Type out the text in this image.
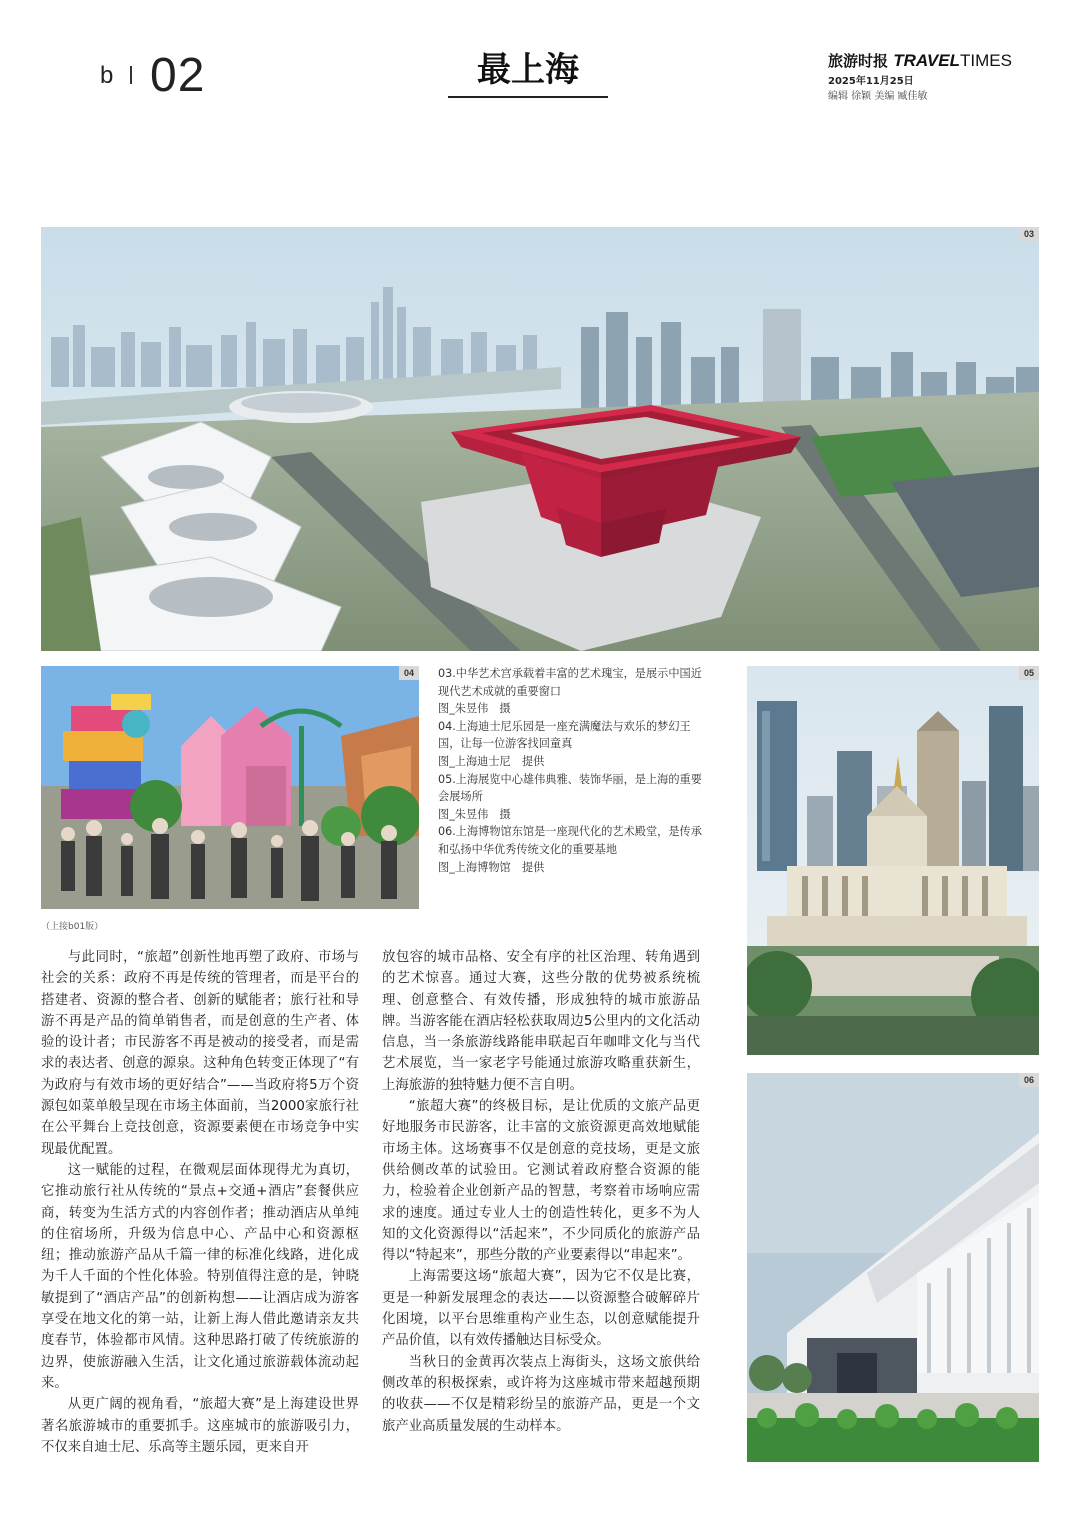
b 02	最上海	旅游时报 TRAVELTIMES
2025年11月25日
编辑 徐颖 美编 臧佳敏
03
04	03.中华艺术宫承载着丰富的艺术瑰宝，是展示中国近现代艺术成就的重要窗口

图_朱昱伟　摄

04.上海迪士尼乐园是一座充满魔法与欢乐的梦幻王国，让每一位游客找回童真

图_上海迪士尼　提供

05.上海展览中心雄伟典雅、装饰华丽，是上海的重要会展场所

图_朱昱伟　摄

06.上海博物馆东馆是一座现代化的艺术殿堂，是传承和弘扬中华优秀传统文化的重要基地

图_上海博物馆　提供

05
06
（上接b01版）

与此同时，“旅超”创新性地再塑了政府、市场与社会的关系：政府不再是传统的管理者，而是平台的搭建者、资源的整合者、创新的赋能者；旅行社和导游不再是产品的简单销售者，而是创意的生产者、体验的设计者；市民游客不再是被动的接受者，而是需求的表达者、创意的源泉。这种角色转变正体现了“有为政府与有效市场的更好结合”——当政府将5万个资源包如菜单般呈现在市场主体面前，当2000家旅行社在公平舞台上竞技创意，资源要素便在市场竞争中实现最优配置。

这一赋能的过程，在微观层面体现得尤为真切，它推动旅行社从传统的“景点+交通+酒店”套餐供应商，转变为生活方式的内容创作者；推动酒店从单纯的住宿场所，升级为信息中心、产品中心和资源枢纽；推动旅游产品从千篇一律的标准化线路，进化成为千人千面的个性化体验。特别值得注意的是，钟晓敏提到了“酒店产品”的创新构想——让酒店成为游客享受在地文化的第一站，让新上海人借此邀请亲友共度春节，体验都市风情。这种思路打破了传统旅游的边界，使旅游融入生活，让文化通过旅游载体流动起来。

从更广阔的视角看，“旅超大赛”是上海建设世界著名旅游城市的重要抓手。这座城市的旅游吸引力，不仅来自迪士尼、乐高等主题乐园，更来自开

放包容的城市品格、安全有序的社区治理、转角遇到的艺术惊喜。通过大赛，这些分散的优势被系统梳理、创意整合、有效传播，形成独特的城市旅游品牌。当游客能在酒店轻松获取周边5公里内的文化活动信息，当一条旅游线路能串联起百年咖啡文化与当代艺术展览，当一家老字号能通过旅游攻略重获新生，上海旅游的独特魅力便不言自明。

“旅超大赛”的终极目标，是让优质的文旅产品更好地服务市民游客，让丰富的文旅资源更高效地赋能市场主体。这场赛事不仅是创意的竞技场，更是文旅供给侧改革的试验田。它测试着政府整合资源的能力，检验着企业创新产品的智慧，考察着市场响应需求的速度。通过专业人士的创造性转化，更多不为人知的文化资源得以“活起来”，不少同质化的旅游产品得以“特起来”，那些分散的产业要素得以“串起来”。

上海需要这场“旅超大赛”，因为它不仅是比赛，更是一种新发展理念的表达——以资源整合破解碎片化困境，以平台思维重构产业生态，以创意赋能提升产品价值，以有效传播触达目标受众。

当秋日的金黄再次装点上海街头，这场文旅供给侧改革的积极探索，或许将为这座城市带来超越预期的收获——不仅是精彩纷呈的旅游产品，更是一个文旅产业高质量发展的生动样本。
